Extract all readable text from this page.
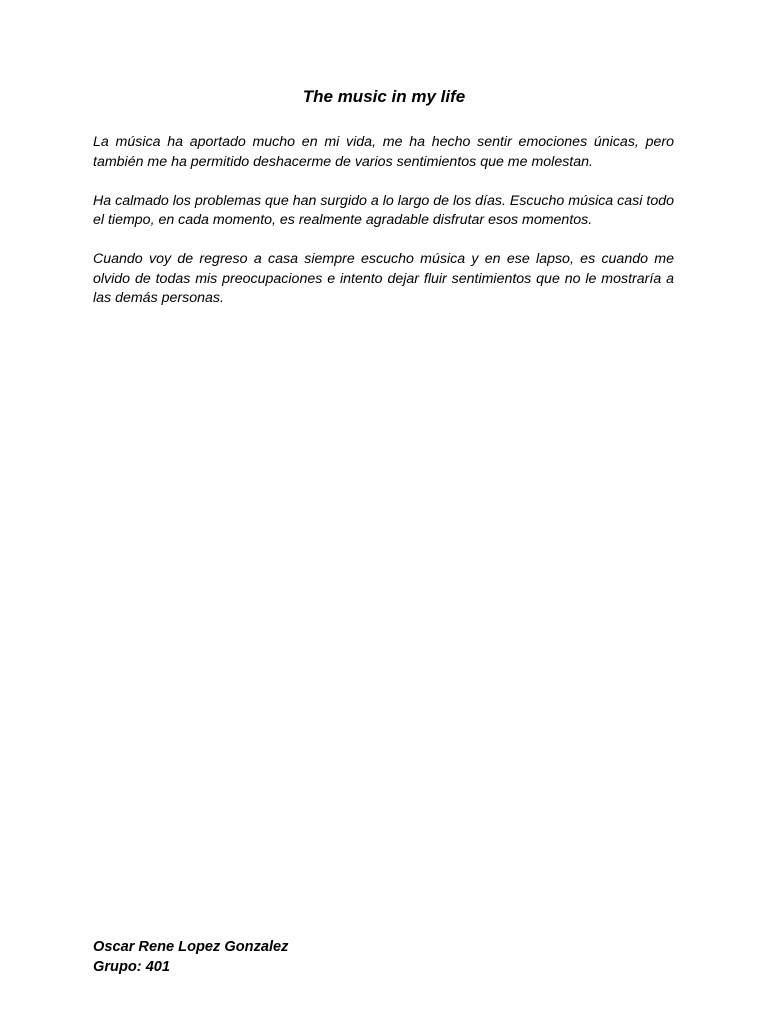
The music in my life

La música ha aportado mucho en mi vida, me ha hecho sentir emociones únicas, pero también me ha permitido deshacerme de varios sentimientos que me molestan.

Ha calmado los problemas que han surgido a lo largo de los días. Escucho música casi todo el tiempo, en cada momento, es realmente agradable disfrutar esos momentos.

Cuando voy de regreso a casa siempre escucho música y en ese lapso, es cuando me olvido de todas mis preocupaciones e intento dejar fluir sentimientos que no le mostraría a las demás personas.

Oscar Rene Lopez Gonzalez

Grupo: 401
